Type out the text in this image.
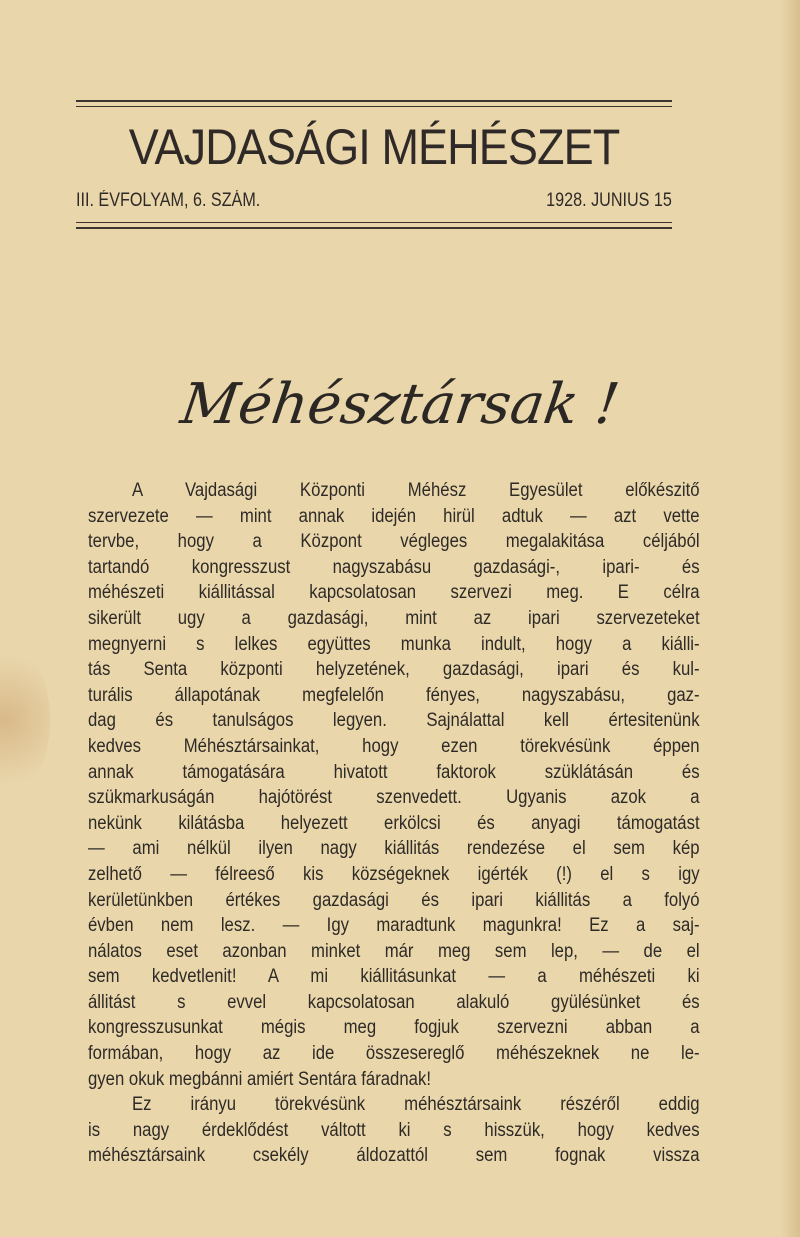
VAJDASÁGI MÉHÉSZET
III. ÉVFOLYAM, 6. SZÁM.	1928. JUNIUS 15
Méhésztársak !
A Vajdasági Központi Méhész Egyesület előkészitő
szervezete — mint annak idején hirül adtuk — azt vette
tervbe, hogy a Központ végleges megalakitása céljából
tartandó kongresszust nagyszabásu gazdasági-, ipari- és
méhészeti kiállitással kapcsolatosan szervezi meg. E célra
sikerült ugy a gazdasági, mint az ipari szervezeteket
megnyerni s lelkes együttes munka indult, hogy a kiálli-
tás Senta központi helyzetének, gazdasági, ipari és kul-
turális állapotának megfelelőn fényes, nagyszabásu, gaz-
dag és tanulságos legyen. Sajnálattal kell értesitenünk
kedves Méhésztársainkat, hogy ezen törekvésünk éppen
annak támogatására hivatott faktorok szüklátásán és
szükmarkuságán hajótörést szenvedett. Ugyanis azok a
nekünk kilátásba helyezett erkölcsi és anyagi támogatást
— ami nélkül ilyen nagy kiállitás rendezése el sem kép
zelhető — félreeső kis községeknek igérték (!) el s igy
kerületünkben értékes gazdasági és ipari kiállitás a folyó
évben nem lesz. — Igy maradtunk magunkra! Ez a saj-
nálatos eset azonban minket már meg sem lep, — de el
sem kedvetlenit! A mi kiállitásunkat — a méhészeti ki
állitást s evvel kapcsolatosan alakuló gyülésünket és
kongresszusunkat mégis meg fogjuk szervezni abban a
formában, hogy az ide összesereglő méhészeknek ne le-
gyen okuk megbánni amiért Sentára fáradnak!
Ez irányu törekvésünk méhésztársaink részéről eddig
is nagy érdeklődést váltott ki s hisszük, hogy kedves
méhésztársaink csekély áldozattól sem fognak vissza
